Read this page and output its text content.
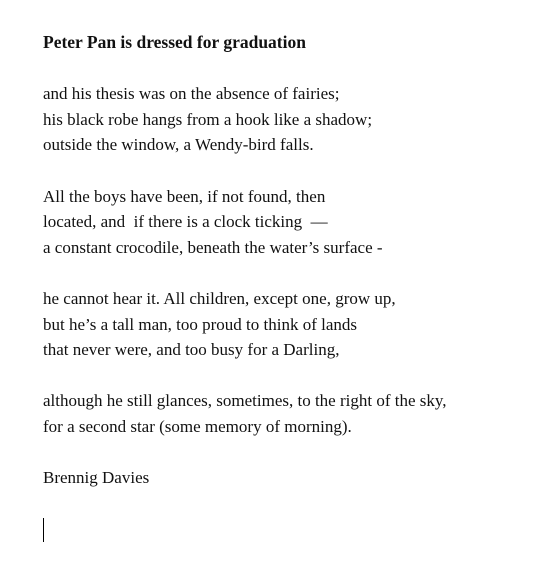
Peter Pan is dressed for graduation
and his thesis was on the absence of fairies;
his black robe hangs from a hook like a shadow;
outside the window, a Wendy-bird falls.
All the boys have been, if not found, then
located, and  if there is a clock ticking  —
a constant crocodile, beneath the water’s surface -
he cannot hear it. All children, except one, grow up,
but he’s a tall man, too proud to think of lands
that never were, and too busy for a Darling,
although he still glances, sometimes, to the right of the sky,
for a second star (some memory of morning).
Brennig Davies
